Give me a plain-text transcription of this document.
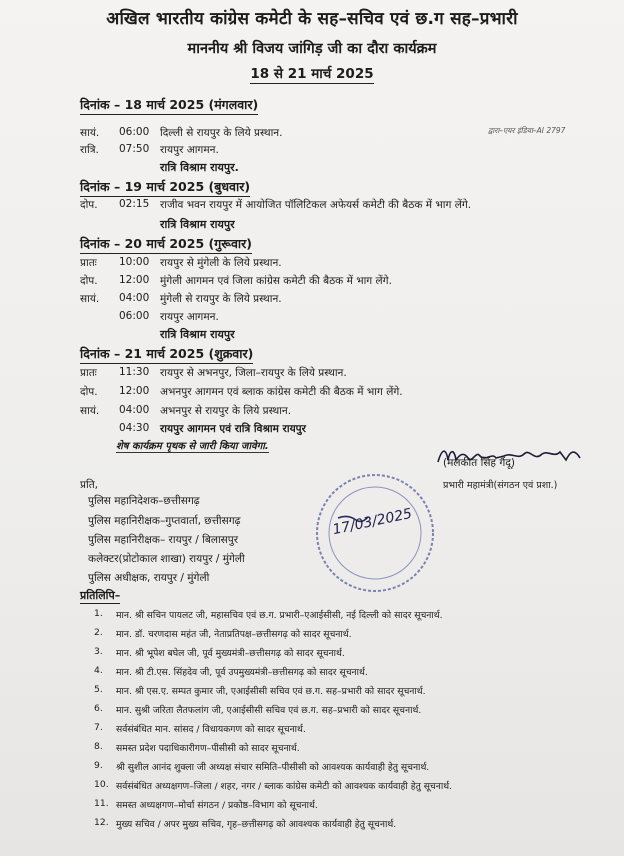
अखिल भारतीय कांग्रेस कमेटी के सह–सचिव एवं छ.ग सह–प्रभारी
माननीय श्री विजय जांगिड़ जी का दौरा कार्यक्रम
18 से 21 मार्च 2025
दिनांक – 18 मार्च 2025 (मंगलवार)
द्वारा–एयर इंडिया–AI 2797
सायं. 06:00 दिल्ली से रायपुर के लिये प्रस्थान.
रात्रि. 07:50 रायपुर आगमन.
रात्रि विश्राम रायपुर.
दिनांक – 19 मार्च 2025 (बुधवार)
दोप. 02:15 राजीव भवन रायपुर में आयोजित पॉलिटिकल अफेयर्स कमेटी की बैठक में भाग लेंगे.
रात्रि विश्राम रायपुर
दिनांक – 20 मार्च 2025 (गुरूवार)
प्रातः 10:00 रायपुर से मुंगेली के लिये प्रस्थान.
दोप. 12:00 मुंगेली आगमन एवं जिला कांग्रेस कमेटी की बैठक में भाग लेंगे.
सायं. 04:00 मुंगेली से रायपुर के लिये प्रस्थान.
06:00 रायपुर आगमन.
रात्रि विश्राम रायपुर
दिनांक – 21 मार्च 2025 (शुक्रवार)
प्रातः 11:30 रायपुर से अभनपुर, जिला–रायपुर के लिये प्रस्थान.
दोप. 12:00 अभनपुर आगमन एवं ब्लाक कांग्रेस कमेटी की बैठक में भाग लेंगे.
सायं. 04:00 अभनपुर से रायपुर के लिये प्रस्थान.
04:30 रायपुर आगमन एवं रात्रि विश्राम रायपुर
शेष कार्यक्रम पृथक से जारी किया जावेगा.
(मलकीत सिंह गैंदू)
प्रभारी महामंत्री(संगठन एवं प्रशा.)
प्रति,
पुलिस महानिदेशक–छत्तीसगढ़
पुलिस महानिरीक्षक–गुप्तवार्ता, छत्तीसगढ़
पुलिस महानिरीक्षक– रायपुर / बिलासपुर
कलेक्टर(प्रोटोकाल शाखा) रायपुर / मुंगेली
पुलिस अधीक्षक, रायपुर / मुंगेली
17/03/2025
प्रतिलिपि–
1. मान. श्री सचिन पायलट जी, महासचिव एवं छ.ग. प्रभारी–एआईसीसी, नई दिल्ली को सादर सूचनार्थ.
2. मान. डॉ. चरणदास महंत जी, नेताप्रतिपक्ष–छत्तीसगढ़ को सादर सूचनार्थ.
3. मान. श्री भूपेश बघेल जी, पूर्व मुख्यमंत्री–छत्तीसगढ़ को सादर सूचनार्थ.
4. मान. श्री टी.एस. सिंहदेव जी, पूर्व उपमुख्यमंत्री–छत्तीसगढ़ को सादर सूचनार्थ.
5. मान. श्री एस.ए. सम्पत कुमार जी, एआईसीसी सचिव एवं छ.ग. सह–प्रभारी को सादर सूचनार्थ.
6. मान. सुश्री जरिता लैतफलांग जी, एआईसीसी सचिव एवं छ.ग. सह–प्रभारी को सादर सूचनार्थ.
7. सर्वसंबंधित मान. सांसद / विधायकगण को सादर सूचनार्थ.
8. समस्त प्रदेश पदाधिकारीगण–पीसीसी को सादर सूचनार्थ.
9. श्री सुशील आनंद शुक्ला जी अध्यक्ष संचार समिति–पीसीसी को आवश्यक कार्यवाही हेतु सूचनार्थ.
10. सर्वसंबंधित अध्यक्षगण–जिला / शहर, नगर / ब्लाक कांग्रेस कमेटी को आवश्यक कार्यवाही हेतु सूचनार्थ.
11. समस्त अध्यक्षगण–मोर्चा संगठन / प्रकोष्ठ–विभाग को सूचनार्थ.
12. मुख्य सचिव / अपर मुख्य सचिव, गृह–छत्तीसगढ़ को आवश्यक कार्यवाही हेतु सूचनार्थ.
